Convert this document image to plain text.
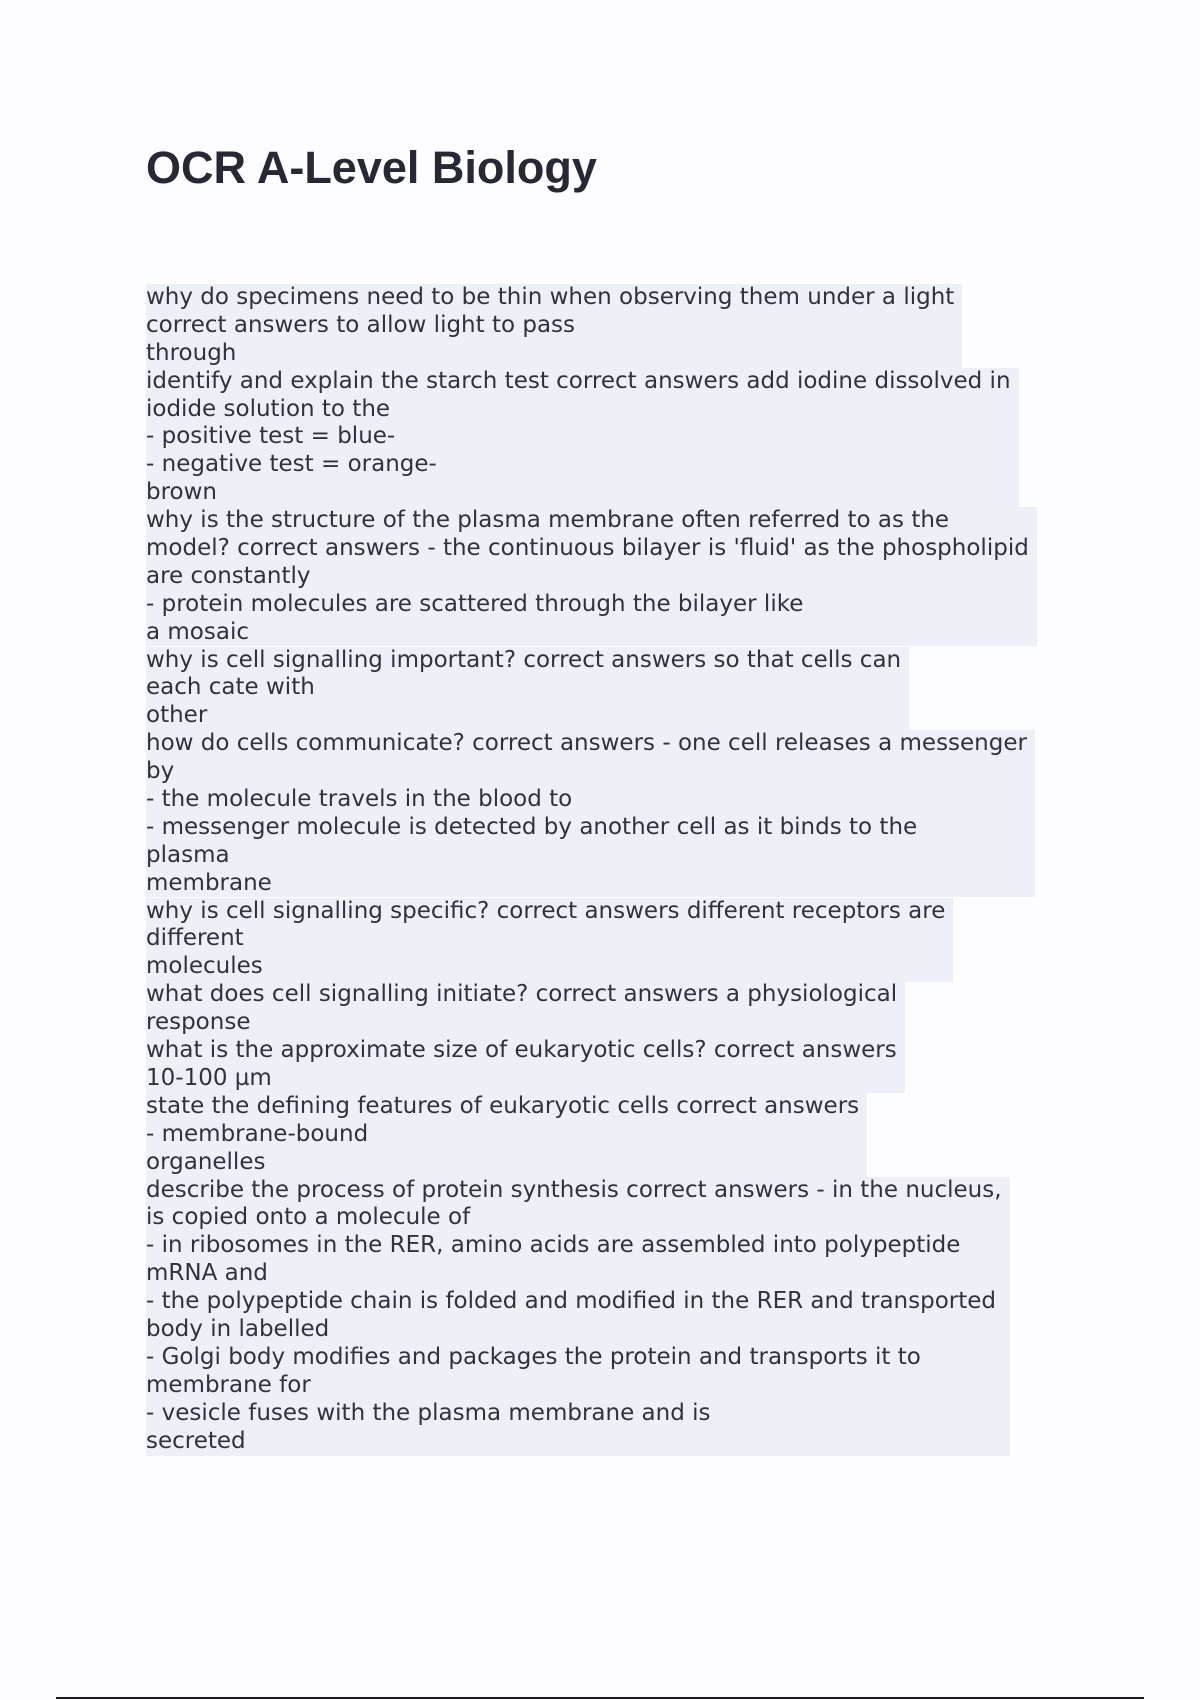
OCR A-Level Biology
why do specimens need to be thin when observing them under a light
correct answers to allow light to pass
through
identify and explain the starch test correct answers add iodine dissolved in
iodide solution to the
- positive test = blue-
- negative test = orange-
brown
why is the structure of the plasma membrane often referred to as the
model? correct answers - the continuous bilayer is 'fluid' as the phospholipid
are constantly
- protein molecules are scattered through the bilayer like
a mosaic
why is cell signalling important? correct answers so that cells can
each cate with
other
how do cells communicate? correct answers - one cell releases a messenger
by
- the molecule travels in the blood to
- messenger molecule is detected by another cell as it binds to the
plasma
membrane
why is cell signalling specific? correct answers different receptors are
different
molecules
what does cell signalling initiate? correct answers a physiological
response
what is the approximate size of eukaryotic cells? correct answers
10-100 µm
state the defining features of eukaryotic cells correct answers
- membrane-bound
organelles
describe the process of protein synthesis correct answers - in the nucleus,
is copied onto a molecule of
- in ribosomes in the RER, amino acids are assembled into polypeptide
mRNA and
- the polypeptide chain is folded and modified in the RER and transported
body in labelled
- Golgi body modifies and packages the protein and transports it to
membrane for
- vesicle fuses with the plasma membrane and is
secreted
